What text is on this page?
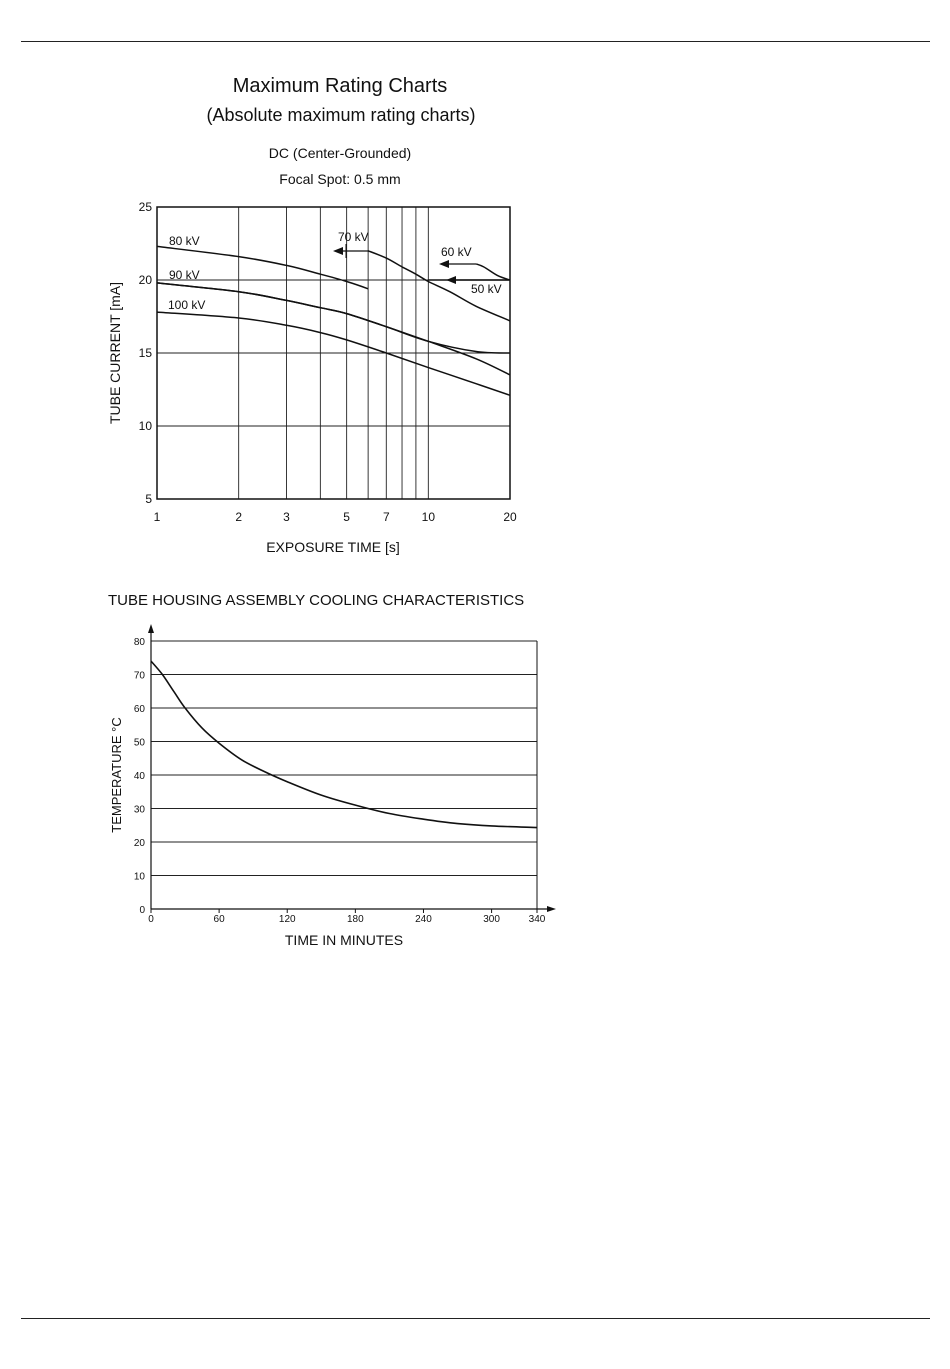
Maximum Rating Charts
(Absolute maximum rating charts)
DC (Center-Grounded)
Focal Spot: 0.5 mm
TUBE HOUSING ASSEMBLY COOLING CHARACTERISTICS
5
10
15
20
25
1	2	3	5	7	10	20
80 kV
90 kV
100 kV
70 kV
60 kV
50 kV
EXPOSURE TIME [s]
TUBE CURRENT [mA]
0
10
20
30
40
50
60
70
80
0	60	120	180	240	300	340
TIME IN MINUTES
TEMPERATURE °C
